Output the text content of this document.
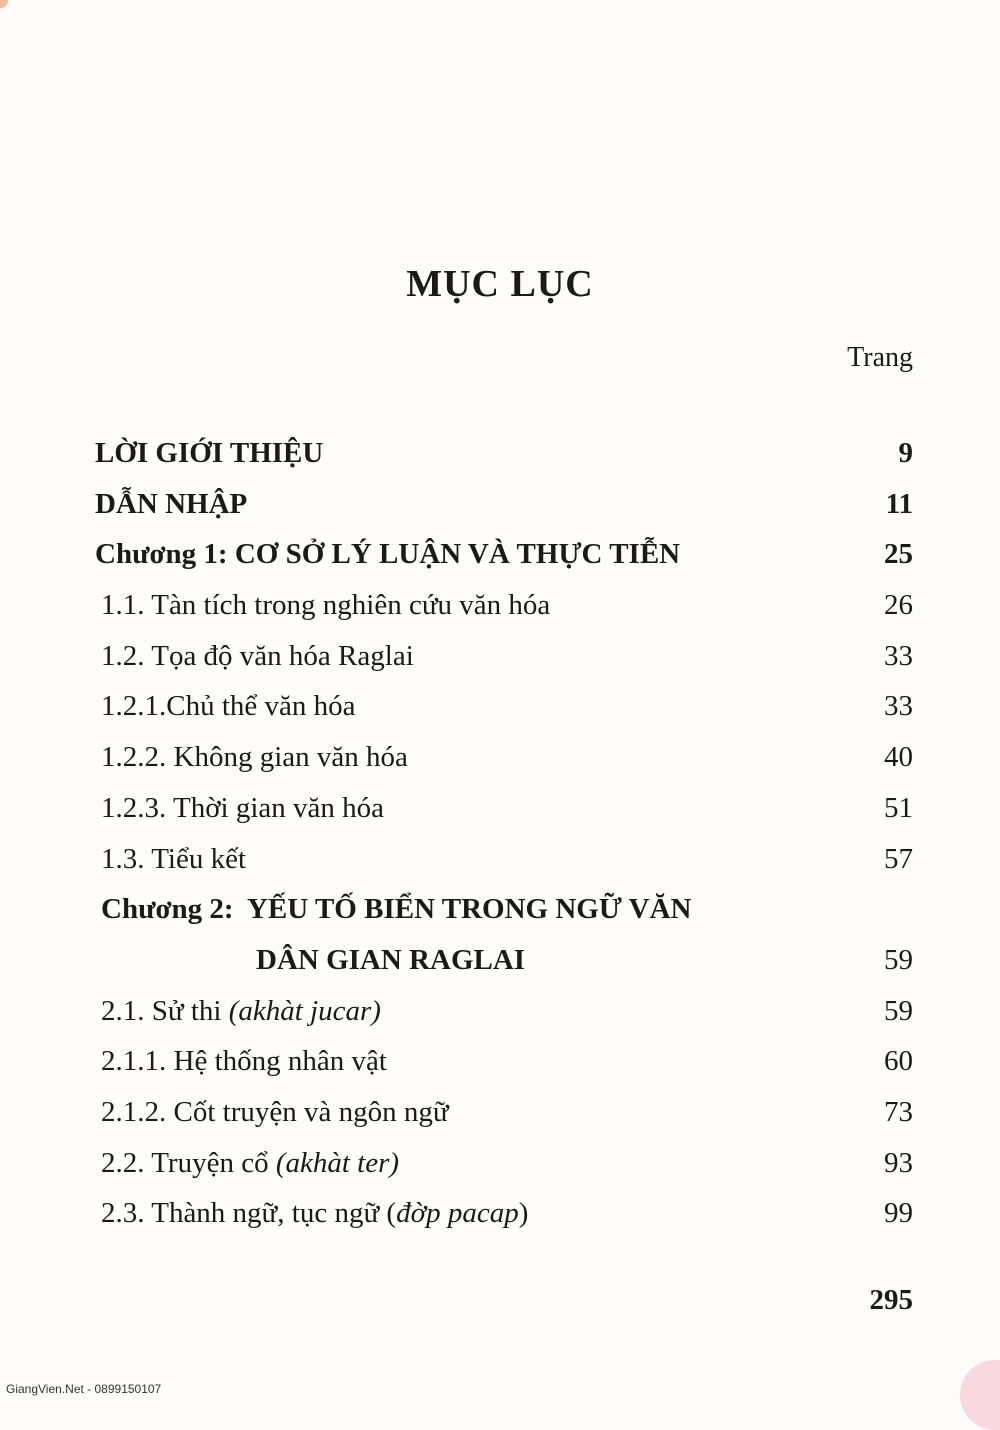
MỤC LỤC
Trang
LỜI GIỚI THIỆU	9
DẪN NHẬP	11
Chương 1: CƠ SỞ LÝ LUẬN VÀ THỰC TIỄN	25
1.1. Tàn tích trong nghiên cứu văn hóa	26
1.2. Tọa độ văn hóa Raglai	33
1.2.1.Chủ thể văn hóa	33
1.2.2. Không gian văn hóa	40
1.2.3. Thời gian văn hóa	51
1.3. Tiểu kết	57
Chương 2:  YẾU TỐ BIỂN TRONG NGỮ VĂN
DÂN GIAN RAGLAI	59
2.1. Sử thi (akhàt jucar)	59
2.1.1. Hệ thống nhân vật	60
2.1.2. Cốt truyện và ngôn ngữ	73
2.2. Truyện cổ (akhàt ter)	93
2.3. Thành ngữ, tục ngữ (đờp pacap)	99
295
GiangVien.Net - 0899150107
